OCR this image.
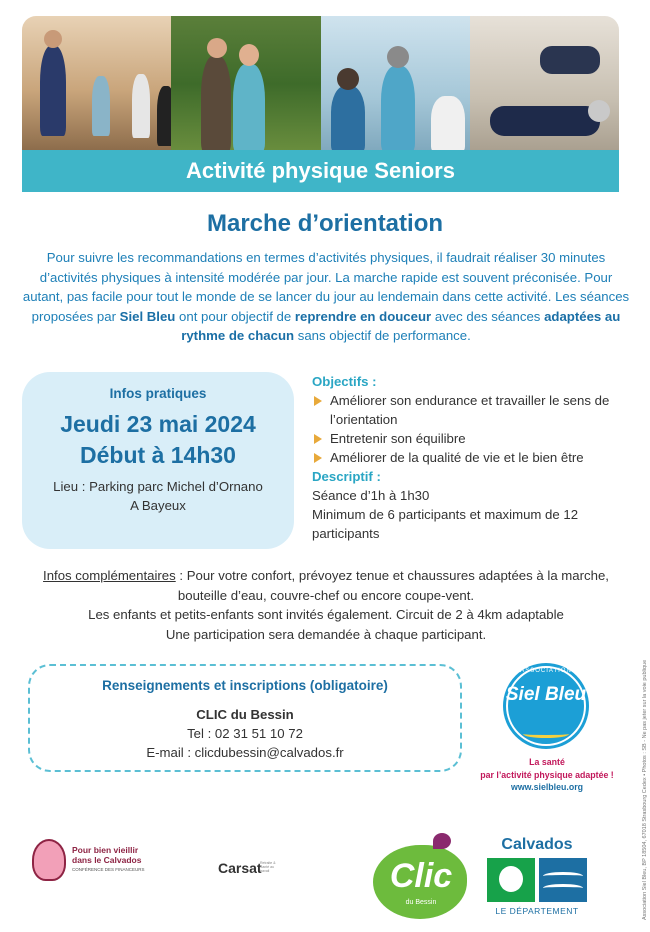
Activité physique Seniors
Marche d’orientation
Pour suivre les recommandations en termes d’activités physiques, il faudrait réaliser 30 minutes d’activités physiques à intensité modérée par jour. La marche rapide est souvent préconisée. Pour autant, pas facile pour tout le monde de se lancer du jour au lendemain dans cette activité. Les séances proposées par Siel Bleu ont pour objectif de reprendre en douceur avec des séances adaptées au rythme de chacun sans objectif de performance.
Infos pratiques
Jeudi 23 mai 2024
Début à 14h30
Lieu : Parking parc Michel d’Ornano
A Bayeux
Objectifs :
Améliorer son endurance et travailler le sens de l’orientation
Entretenir son équilibre
Améliorer de la qualité de vie et le bien être
Descriptif :
Séance d’1h à 1h30
Minimum de 6 participants et maximum de 12 participants
Infos complémentaires : Pour votre confort, prévoyez tenue et chaussures adaptées à la marche, bouteille d’eau, couvre-chef ou encore coupe-vent.
Les enfants et petits-enfants sont invités également. Circuit de 2 à 4km adaptable
Une participation sera demandée à chaque participant.
Renseignements et inscriptions (obligatoire)
CLIC du Bessin
Tel : 02 31 51 10 72
E-mail : clicdubessin@calvados.fr
ASSOCIATION
Siel Bleu
La santé
par l’activité physique adaptée !
www.sielbleu.org	Association Siel Bleu, BP 18504, 67018 Strasbourg Cedex • Photos : SB - Ne pas jeter sur la voie publique
Pour bien vieillir
dans le Calvados
CONFÉRENCE DES FINANCEURS	Carsat
Retraite & Santé au travail	Clic
du Bessin
Calvados
LE DÉPARTEMENT
